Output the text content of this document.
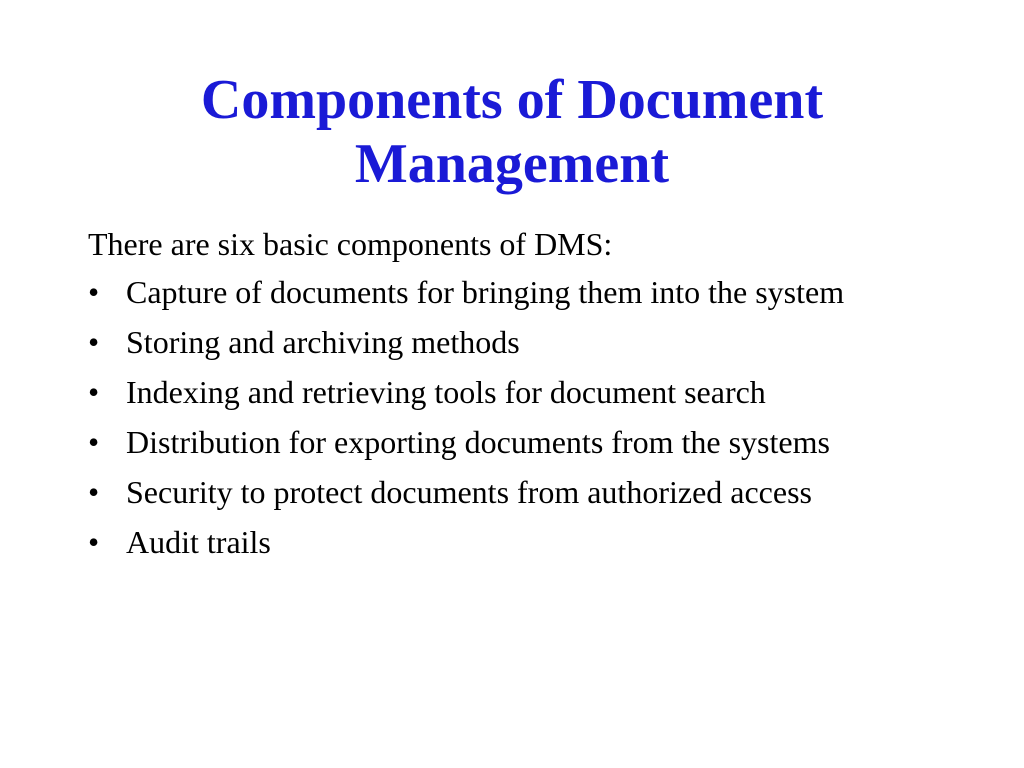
Components of Document
Management

There are six basic components of DMS:

• Capture of documents for bringing them into the system
• Storing and archiving methods
• Indexing and retrieving tools for document search
• Distribution for exporting documents from the systems
• Security to protect documents from authorized access
• Audit trails
